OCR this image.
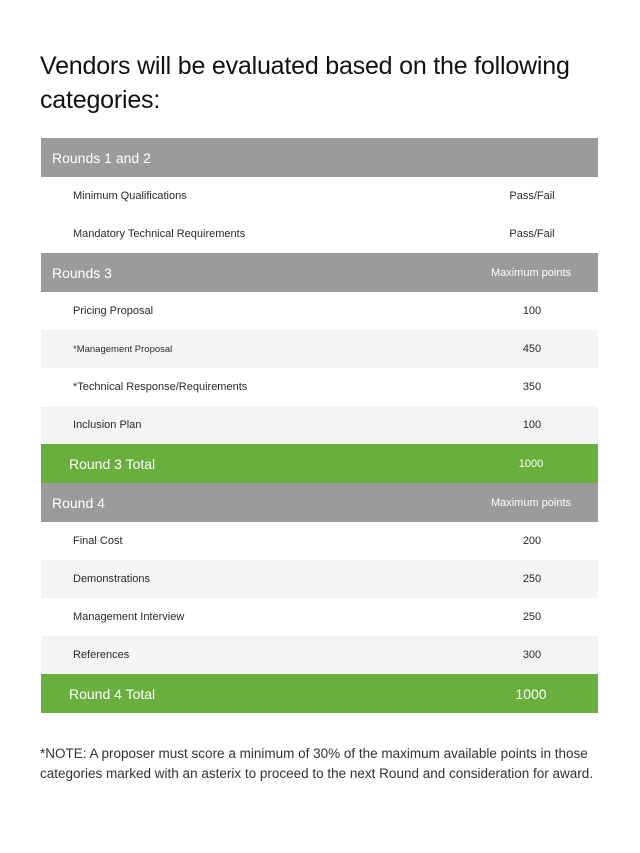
Vendors will be evaluated based on the following categories:
Rounds 1 and 2
Minimum Qualifications	Pass/Fail
Mandatory Technical Requirements	Pass/Fail
Rounds 3	Maximum points
Pricing Proposal	100
*Management Proposal	450
*Technical Response/Requirements	350
Inclusion Plan	100
Round 3 Total	1000
Round 4	Maximum points
Final Cost	200
Demonstrations	250
Management Interview	250
References	300
Round 4 Total	1000

*NOTE: A proposer must score a minimum of 30% of the maximum available points in those categories marked with an asterix to proceed to the next Round and consideration for award.
